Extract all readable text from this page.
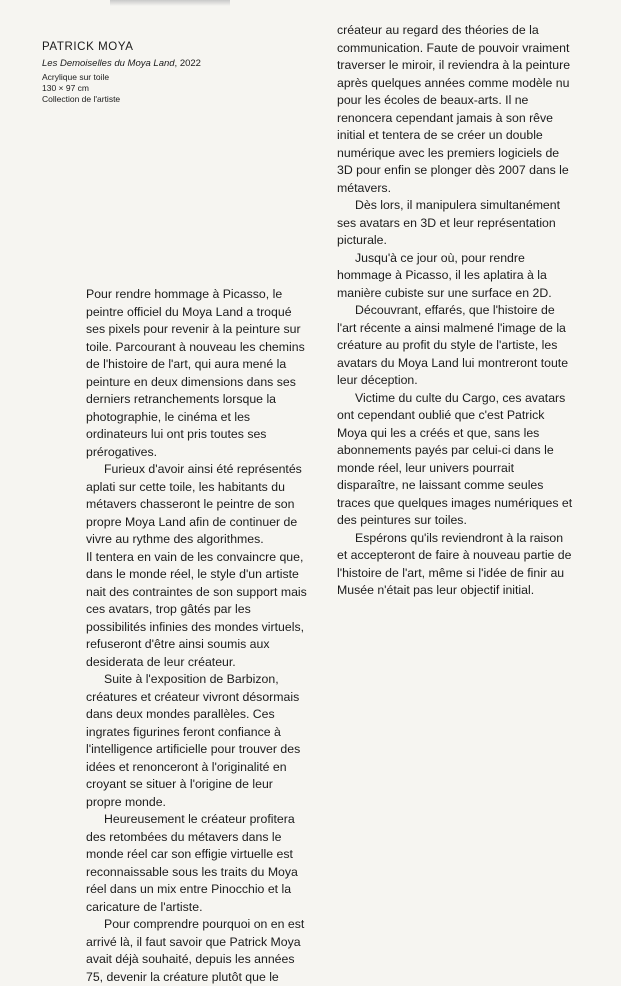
PATRICK MOYA
Les Demoiselles du Moya Land, 2022
Acrylique sur toile
130 × 97 cm
Collection de l'artiste

Pour rendre hommage à Picasso, le peintre officiel du Moya Land a troqué ses pixels pour revenir à la peinture sur toile. Parcourant à nouveau les chemins de l'histoire de l'art, qui aura mené la peinture en deux dimensions dans ses derniers retranchements lorsque la photographie, le cinéma et les ordinateurs lui ont pris toutes ses prérogatives.

Furieux d'avoir ainsi été représentés aplati sur cette toile, les habitants du métavers chasseront le peintre de son propre Moya Land afin de continuer de vivre au rythme des algorithmes.

Il tentera en vain de les convaincre que, dans le monde réel, le style d'un artiste nait des contraintes de son support mais ces avatars, trop gâtés par les possibilités infinies des mondes virtuels, refuseront d'être ainsi soumis aux desiderata de leur créateur.

Suite à l'exposition de Barbizon, créatures et créateur vivront désormais dans deux mondes parallèles. Ces ingrates figurines feront confiance à l'intelligence artificielle pour trouver des idées et renonceront à l'originalité en croyant se situer à l'origine de leur propre monde.

Heureusement le créateur profitera des retombées du métavers dans le monde réel car son effigie virtuelle est reconnaissable sous les traits du Moya réel dans un mix entre Pinocchio et la caricature de l'artiste.

Pour comprendre pourquoi on en est arrivé là, il faut savoir que Patrick Moya avait déjà souhaité, depuis les années 75, devenir la créature plutôt que le

créateur au regard des théories de la communication. Faute de pouvoir vraiment traverser le miroir, il reviendra à la peinture après quelques années comme modèle nu pour les écoles de beaux-arts. Il ne renoncera cependant jamais à son rêve initial et tentera de se créer un double numérique avec les premiers logiciels de 3D pour enfin se plonger dès 2007 dans le métavers.

Dès lors, il manipulera simultanément ses avatars en 3D et leur représentation picturale.

Jusqu'à ce jour où, pour rendre hommage à Picasso, il les aplatira à la manière cubiste sur une surface en 2D.

Découvrant, effarés, que l'histoire de l'art récente a ainsi malmené l'image de la créature au profit du style de l'artiste, les avatars du Moya Land lui montreront toute leur déception.

Victime du culte du Cargo, ces avatars ont cependant oublié que c'est Patrick Moya qui les a créés et que, sans les abonnements payés par celui-ci dans le monde réel, leur univers pourrait disparaître, ne laissant comme seules traces que quelques images numériques et des peintures sur toiles.

Espérons qu'ils reviendront à la raison et accepteront de faire à nouveau partie de l'histoire de l'art, même si l'idée de finir au Musée n'était pas leur objectif initial.
